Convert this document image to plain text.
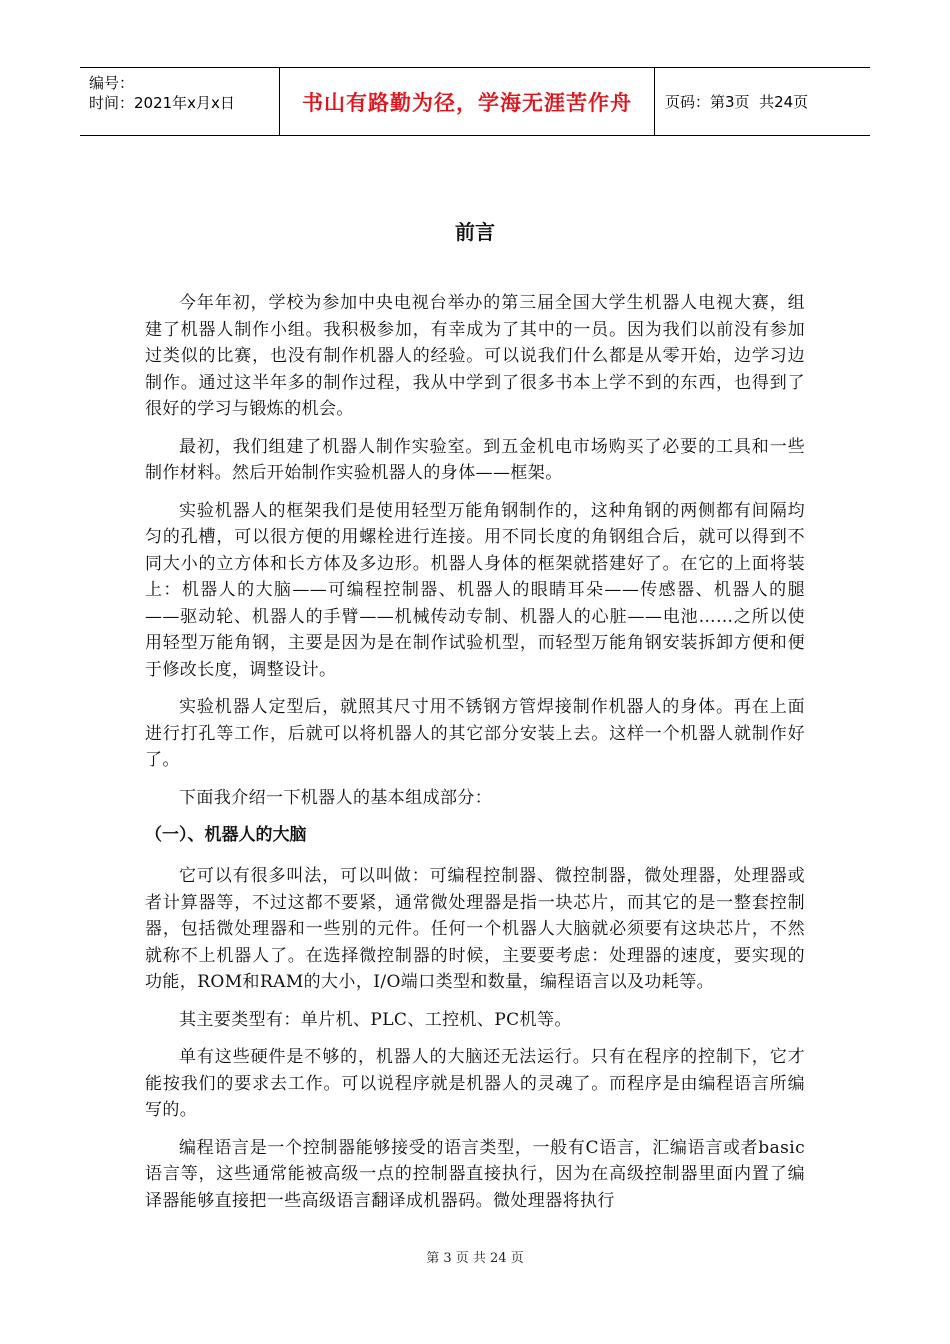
编号：
时间：2021年x月x日	书山有路勤为径，学海无涯苦作舟	页码：第3页  共24页
前言

今年年初，学校为参加中央电视台举办的第三届全国大学生机器人电视大赛，组建了机器人制作小组。我积极参加，有幸成为了其中的一员。因为我们以前没有参加过类似的比赛，也没有制作机器人的经验。可以说我们什么都是从零开始，边学习边制作。通过这半年多的制作过程，我从中学到了很多书本上学不到的东西，也得到了很好的学习与锻炼的机会。

最初，我们组建了机器人制作实验室。到五金机电市场购买了必要的工具和一些制作材料。然后开始制作实验机器人的身体——框架。

实验机器人的框架我们是使用轻型万能角钢制作的，这种角钢的两侧都有间隔均匀的孔槽，可以很方便的用螺栓进行连接。用不同长度的角钢组合后，就可以得到不同大小的立方体和长方体及多边形。机器人身体的框架就搭建好了。在它的上面将装上：机器人的大脑——可编程控制器、机器人的眼睛耳朵——传感器、机器人的腿——驱动轮、机器人的手臂——机械传动专制、机器人的心脏——电池……之所以使用轻型万能角钢，主要是因为是在制作试验机型，而轻型万能角钢安装拆卸方便和便于修改长度，调整设计。

实验机器人定型后，就照其尺寸用不锈钢方管焊接制作机器人的身体。再在上面进行打孔等工作，后就可以将机器人的其它部分安装上去。这样一个机器人就制作好了。

下面我介绍一下机器人的基本组成部分：

（一）、机器人的大脑

它可以有很多叫法，可以叫做：可编程控制器、微控制器，微处理器，处理器或者计算器等，不过这都不要紧，通常微处理器是指一块芯片，而其它的是一整套控制器，包括微处理器和一些别的元件。任何一个机器人大脑就必须要有这块芯片，不然就称不上机器人了。在选择微控制器的时候，主要要考虑：处理器的速度，要实现的功能，ROM和RAM的大小，I/O端口类型和数量，编程语言以及功耗等。

其主要类型有：单片机、PLC、工控机、PC机等。

单有这些硬件是不够的，机器人的大脑还无法运行。只有在程序的控制下，它才能按我们的要求去工作。可以说程序就是机器人的灵魂了。而程序是由编程语言所编写的。

编程语言是一个控制器能够接受的语言类型，一般有C语言，汇编语言或者basic语言等，这些通常能被高级一点的控制器直接执行，因为在高级控制器里面内置了编译器能够直接把一些高级语言翻译成机器码。微处理器将执行

第 3 页 共 24 页
